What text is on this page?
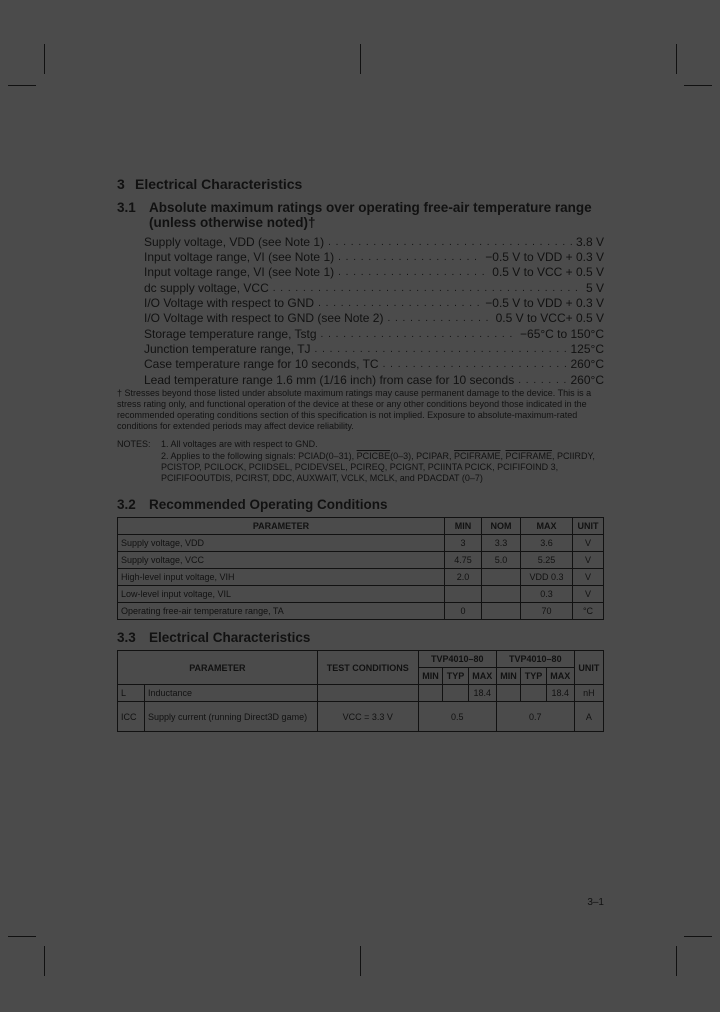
3 Electrical Characteristics
3.1 Absolute maximum ratings over operating free-air temperature range
(unless otherwise noted)†
Supply voltage, VDD (see Note 1) . . .	3.8 V
Input voltage range, VI (see Note 1) . . .	−0.5 V to VDD + 0.3 V
Input voltage range, VI (see Note 1) . . .	0.5 V to VCC + 0.5 V
dc supply voltage, VCC . . .	5 V
I/O Voltage with respect to GND . . .	−0.5 V to VDD + 0.3 V
I/O Voltage with respect to GND (see Note 2) . . .	0.5 V to VCC+ 0.5 V
Storage temperature range, Tstg . . .	−65°C to 150°C
Junction temperature range, TJ . . .	125°C
Case temperature range for 10 seconds, TC . . .	260°C
Lead temperature range 1.6 mm (1/16 inch) from case for 10 seconds . . .	260°C
† Stresses beyond those listed under absolute maximum ratings may cause permanent damage to the device. This is a stress rating only, and functional operation of the device at these or any other conditions beyond those indicated in the recommended operating conditions section of this specification is not implied. Exposure to absolute-maximum-rated conditions for extended periods may affect device reliability.
NOTES: 1. All voltages are with respect to GND.
2. Applies to the following signals: PCIAD(0–31), PCICBE(0–3), PCIPAR, PCIFRAME, PCIFRAME, PCIIRDY, PCISTOP, PCILOCK, PCIIDSEL, PCIDEVSEL, PCIREQ, PCIGNT, PCIINTA PCICK, PCIFIFOIND 3, PCIFIFOOUTDIS, PCIRST, DDC, AUXWAIT, VCLK, MCLK, and PDACDAT (0–7)
3.2 Recommended Operating Conditions
PARAMETER	MIN	NOM	MAX	UNIT
Supply voltage, VDD	3	3.3	3.6	V
Supply voltage, VCC	4.75	5.0	5.25	V
High-level input voltage, VIH	2.0		VDD 0.3	V
Low-level input voltage, VIL			0.3	V
Operating free-air temperature range, TA	0		70	°C
3.3 Electrical Characteristics
PARAMETER		TEST CONDITIONS	TVP4010–80			TVP4010–80			UNIT
			MIN	TYP	MAX	MIN	TYP	MAX	
L	Inductance				18.4			18.4	nH
ICC	Supply current (running Direct3D game)	VCC = 3.3 V	0.5			0.7			A
3–1
